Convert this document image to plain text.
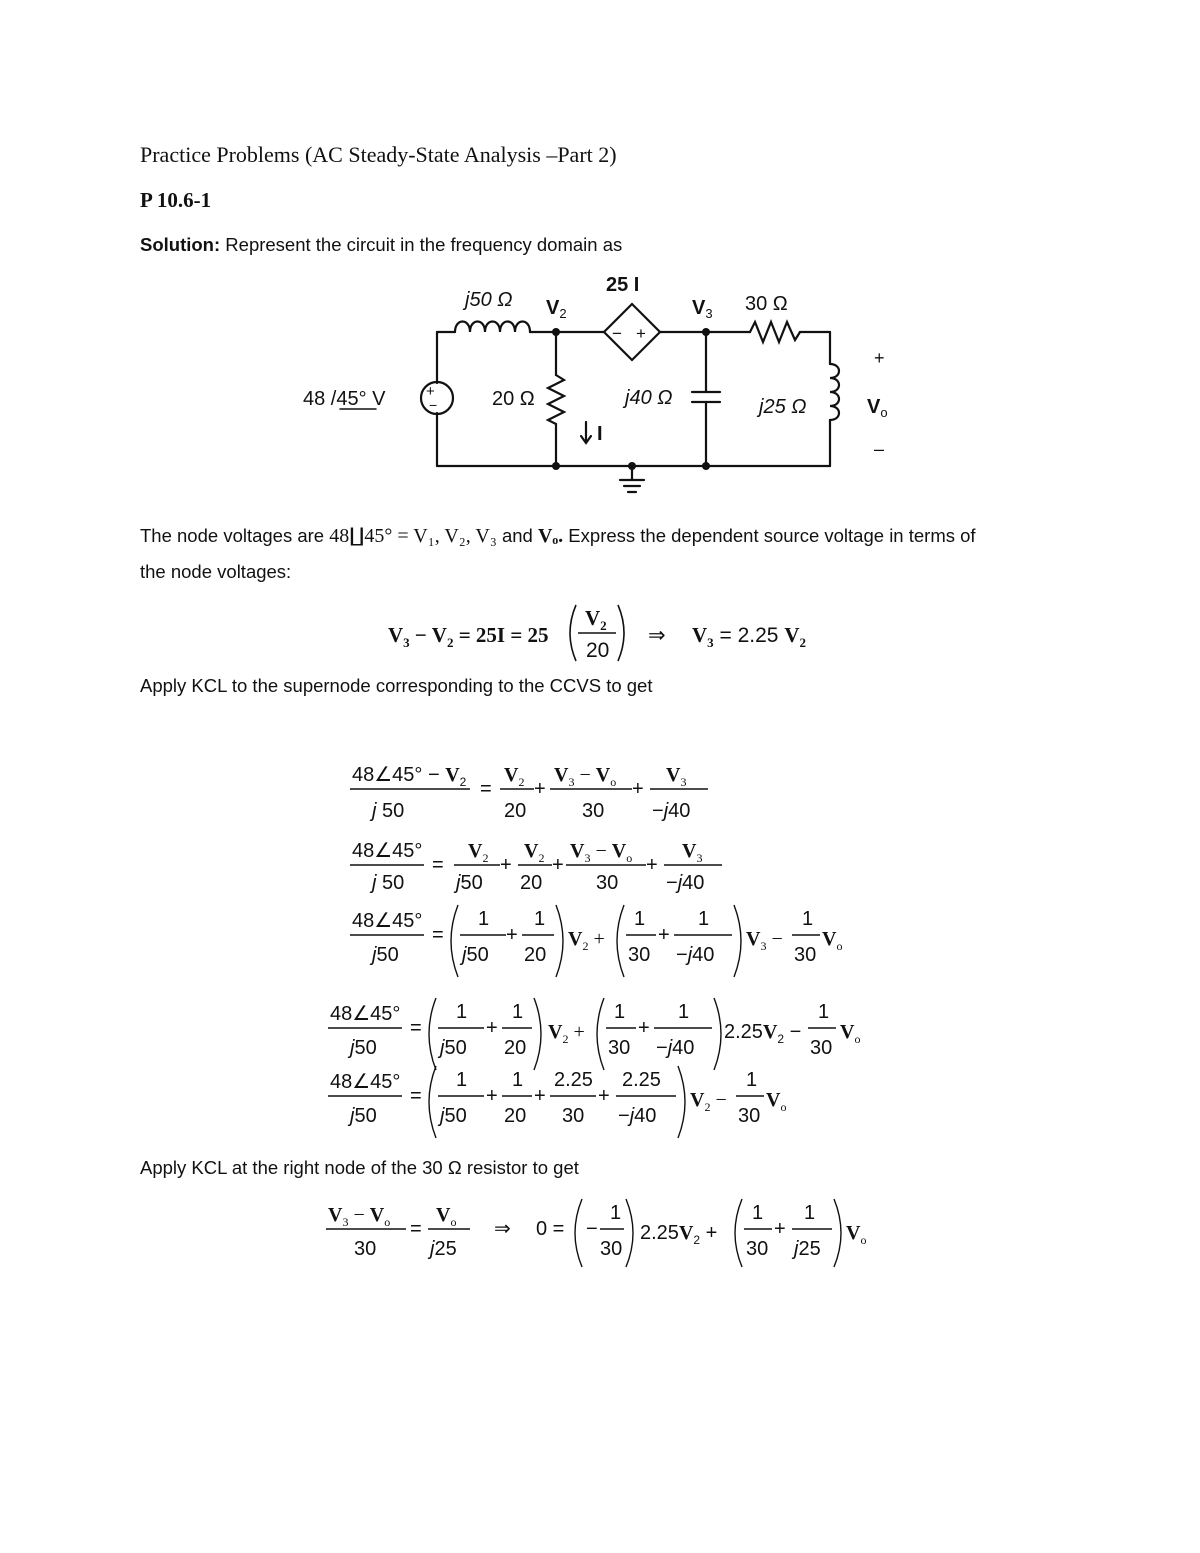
Practice Problems (AC Steady-State Analysis –Part 2)
P 10.6-1
Solution: Represent the circuit in the frequency domain as
+
−
48 /45° V
j50 Ω $V_2$
25 I
− +
$V_3$ 30 Ω
20 Ω
I
j40 Ω	j25 Ω
+
$V_o$
–
The node voltages are 48∐45° = V₁, V₂, V₃ and Vₒ. Express the dependent source voltage in terms of
the node voltages:
$V_3 - V_2 = 25I = 25$
$V_2$
20
⇒ $V_3 = 2.25$ $V_2$
Apply KCL to the supernode corresponding to the CCVS to get
48∠45° − $V_2$
j 50
=
$V_2$
20
+
$V_3 - V_o$
30
+
$V_3$
−j40
48∠45°
j 50
=
$V_2$
j50
+
$V_2$
20
+
$V_3 - V_o$
30
+
$V_3$
−j40
48∠45°
j50
=
1
j50
+
1
20
$V_2$ +
1
30
+
1
−j40
$V_3$ −
1
30
$V_o$
48∠45°
j50
=
1
j50
+
1
20
$V_2$ +
1
30
+
1
−j40
$2.25V_2$ −
1
30
$V_o$
48∠45°
j50
=
1
j50
+
1
20
+
2.25
30
+
2.25
−j40
$V_2$ −
1
30
$V_o$
Apply KCL at the right node of the 30 Ω resistor to get
$V_3 - V_o$
30
=
$V_o$
j25
⇒ 0 = −
1
30
$2.25V_2$ +
1
30
+
1
j25
$V_o$
